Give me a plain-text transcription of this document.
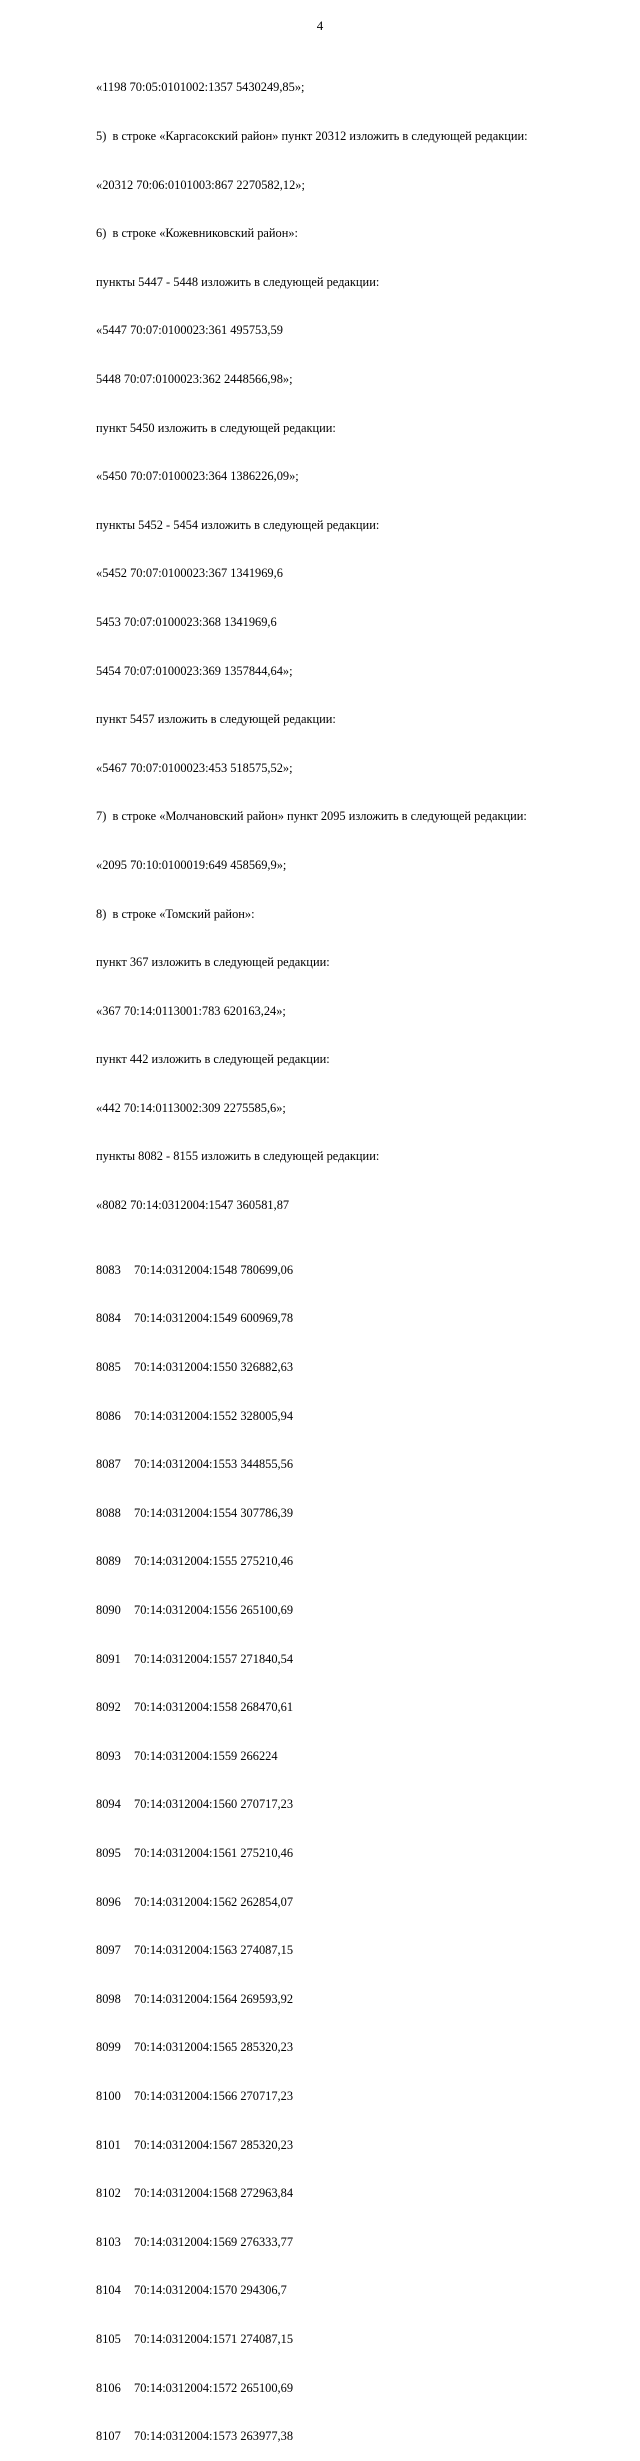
4

«1198 70:05:0101002:1357 5430249,85»;

5)  в строке «Каргасокский район» пункт 20312 изложить в следующей редакции:

«20312 70:06:0101003:867 2270582,12»;

6)  в строке «Кожевниковский район»:

пункты 5447 - 5448 изложить в следующей редакции:

«5447 70:07:0100023:361 495753,59

5448 70:07:0100023:362 2448566,98»;

пункт 5450 изложить в следующей редакции:

«5450 70:07:0100023:364 1386226,09»;

пункты 5452 - 5454 изложить в следующей редакции:

«5452 70:07:0100023:367 1341969,6

5453 70:07:0100023:368 1341969,6

5454 70:07:0100023:369 1357844,64»;

пункт 5457 изложить в следующей редакции:

«5467 70:07:0100023:453 518575,52»;

7)  в строке «Молчановский район» пункт 2095 изложить в следующей редакции:

«2095 70:10:0100019:649 458569,9»;

8)  в строке «Томский район»:

пункт 367 изложить в следующей редакции:

«367 70:14:0113001:783 620163,24»;

пункт 442 изложить в следующей редакции:

«442 70:14:0113002:309 2275585,6»;

пункты 8082 - 8155 изложить в следующей редакции:

«8082 70:14:0312004:1547 360581,87

8083	70:14:0312004:1548 780699,06

8084	70:14:0312004:1549 600969,78

8085	70:14:0312004:1550 326882,63

8086	70:14:0312004:1552 328005,94

8087	70:14:0312004:1553 344855,56

8088	70:14:0312004:1554 307786,39

8089	70:14:0312004:1555 275210,46

8090	70:14:0312004:1556 265100,69

8091	70:14:0312004:1557 271840,54

8092	70:14:0312004:1558 268470,61

8093	70:14:0312004:1559 266224

8094	70:14:0312004:1560 270717,23

8095	70:14:0312004:1561 275210,46

8096	70:14:0312004:1562 262854,07

8097	70:14:0312004:1563 274087,15

8098	70:14:0312004:1564 269593,92

8099	70:14:0312004:1565 285320,23

8100	70:14:0312004:1566 270717,23

8101	70:14:0312004:1567 285320,23

8102	70:14:0312004:1568 272963,84

8103	70:14:0312004:1569 276333,77

8104	70:14:0312004:1570 294306,7

8105	70:14:0312004:1571 274087,15

8106	70:14:0312004:1572 265100,69

8107	70:14:0312004:1573 263977,38
